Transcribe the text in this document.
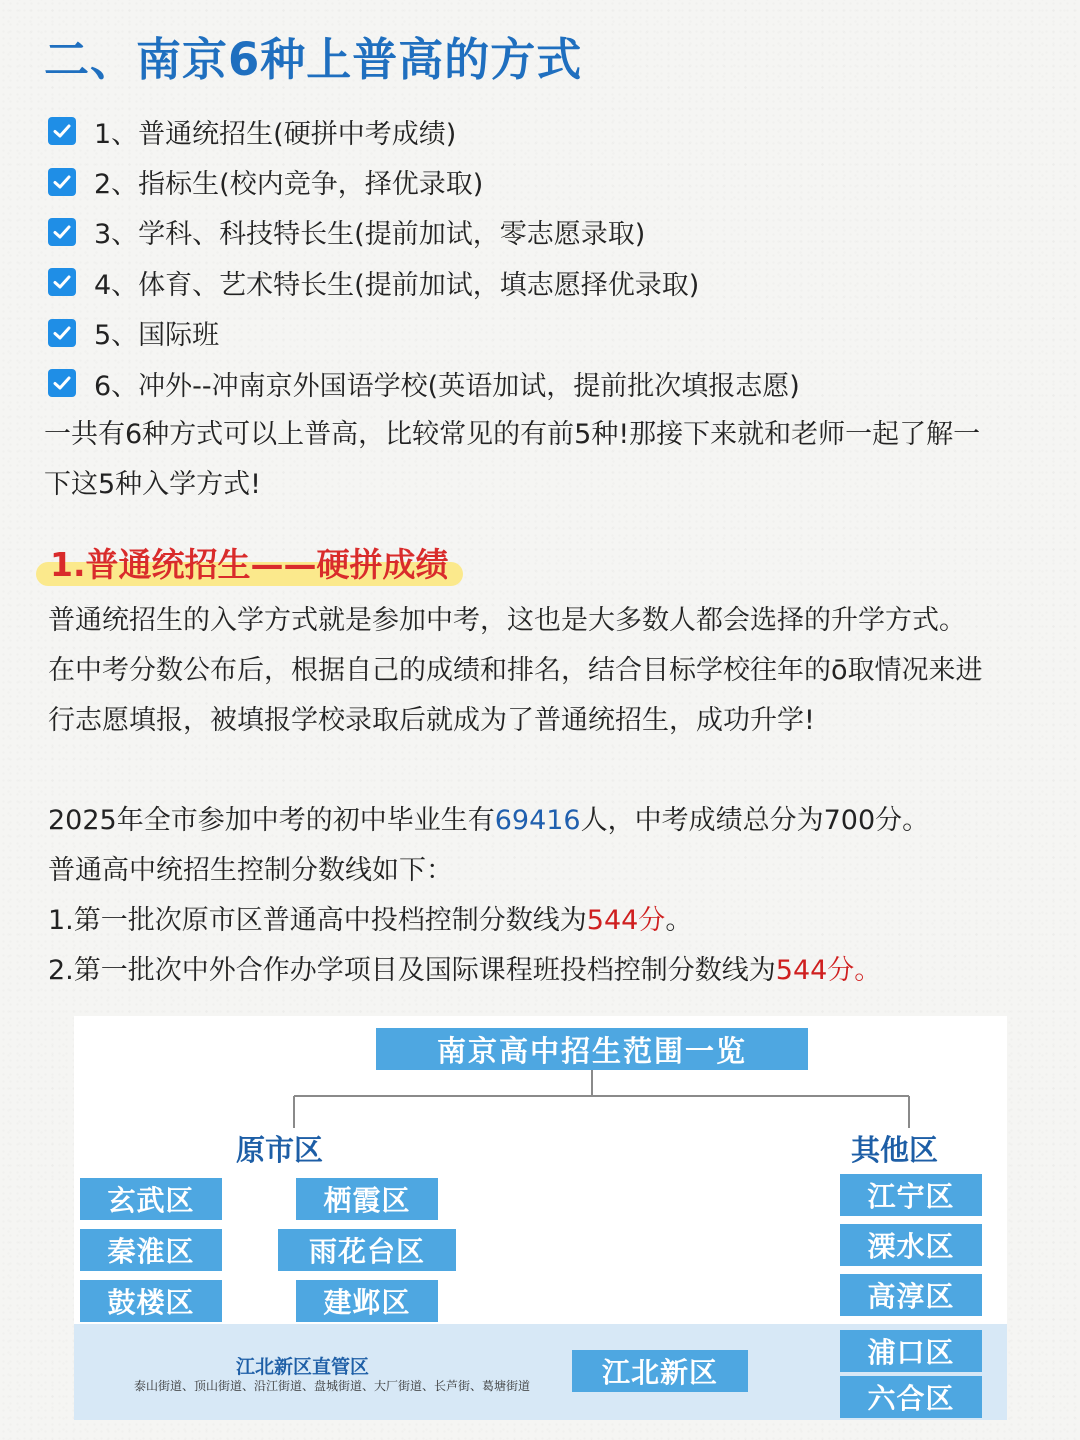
二、南京6种上普高的方式
1、普通统招生(硬拼中考成绩)
2、指标生(校内竞争，择优录取)
3、学科、科技特长生(提前加试，零志愿录取)
4、体育、艺术特长生(提前加试，填志愿择优录取)
5、国际班
6、冲外--冲南京外国语学校(英语加试，提前批次填报志愿)
一共有6种方式可以上普高，比较常见的有前5种!那接下来就和老师一起了解一
下这5种入学方式!
1.普通统招生——硬拼成绩
普通统招生的入学方式就是参加中考，这也是大多数人都会选择的升学方式。
在中考分数公布后，根据自己的成绩和排名，结合目标学校往年的ō取情况来进
行志愿填报，被填报学校录取后就成为了普通统招生，成功升学!
2025年全市参加中考的初中毕业生有69416人，中考成绩总分为700分。
普通高中统招生控制分数线如下：
1.第一批次原市区普通高中投档控制分数线为544分。
2.第一批次中外合作办学项目及国际课程班投档控制分数线为544分。
南京高中招生范围一览
原市区	其他区
玄武区
秦淮区
鼓楼区
栖霞区
雨花台区
建邺区
江宁区
溧水区
高淳区
浦口区
六合区
江北新区直管区
泰山街道、顶山街道、沿江街道、盘城街道、大厂街道、长芦街、葛塘街道	江北新区
